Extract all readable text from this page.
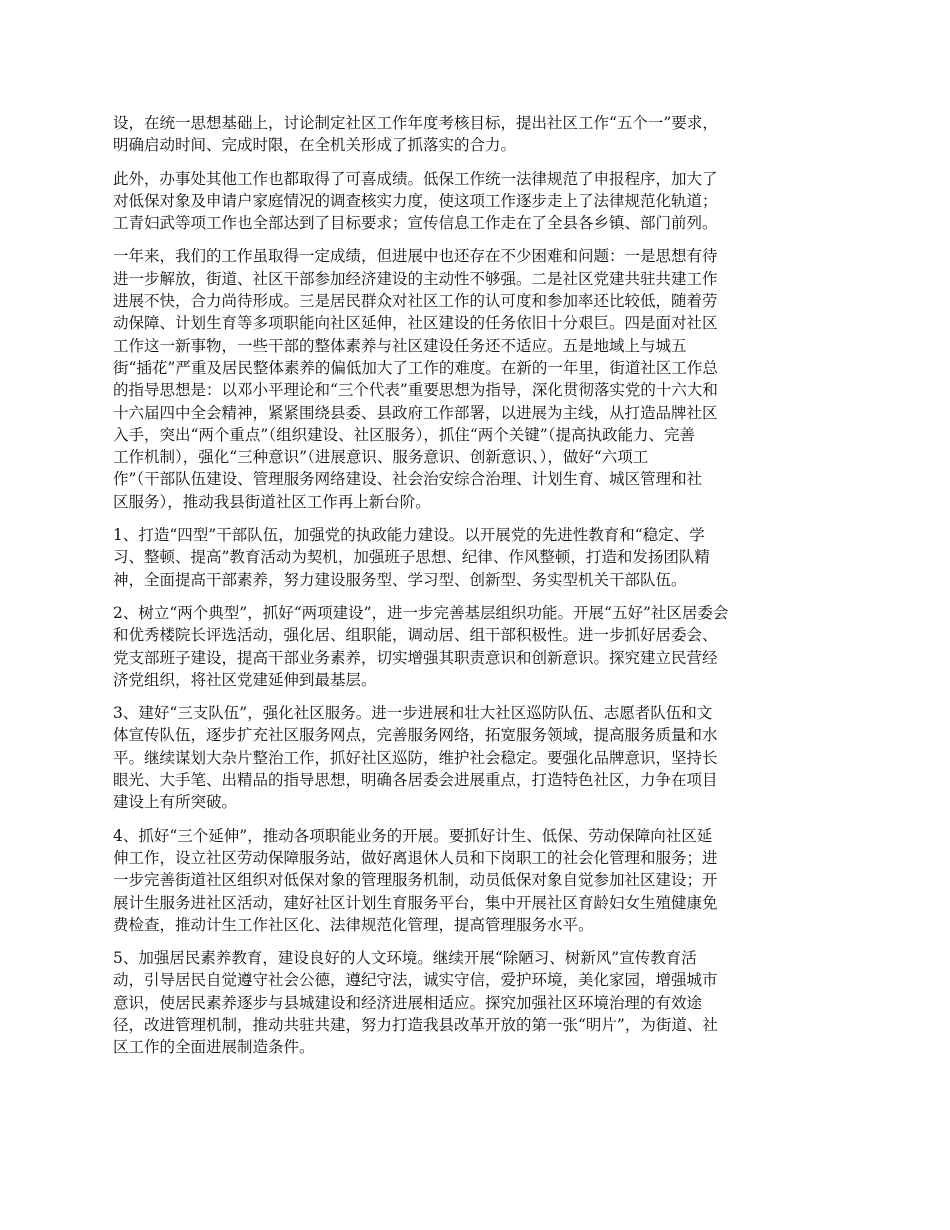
设，在统一思想基础上，讨论制定社区工作年度考核目标，提出社区工作“五个一”要求，
明确启动时间、完成时限，在全机关形成了抓落实的合力。

此外，办事处其他工作也都取得了可喜成绩。低保工作统一法律规范了申报程序，加大了
对低保对象及申请户家庭情况的调查核实力度，使这项工作逐步走上了法律规范化轨道；
工青妇武等项工作也全部达到了目标要求；宣传信息工作走在了全县各乡镇、部门前列。

一年来，我们的工作虽取得一定成绩，但进展中也还存在不少困难和问题：一是思想有待
进一步解放，街道、社区干部参加经济建设的主动性不够强。二是社区党建共驻共建工作
进展不快，合力尚待形成。三是居民群众对社区工作的认可度和参加率还比较低，随着劳
动保障、计划生育等多项职能向社区延伸，社区建设的任务依旧十分艰巨。四是面对社区
工作这一新事物，一些干部的整体素养与社区建设任务还不适应。五是地域上与城五
街“插花”严重及居民整体素养的偏低加大了工作的难度。在新的一年里，街道社区工作总
的指导思想是：以邓小平理论和“三个代表”重要思想为指导，深化贯彻落实党的十六大和
十六届四中全会精神，紧紧围绕县委、县政府工作部署，以进展为主线，从打造品牌社区
入手，突出“两个重点”（组织建设、社区服务），抓住“两个关键”（提高执政能力、完善
工作机制），强化“三种意识”（进展意识、服务意识、创新意识、），做好“六项工
作”（干部队伍建设、管理服务网络建设、社会治安综合治理、计划生育、城区管理和社
区服务），推动我县街道社区工作再上新台阶。

1、打造“四型”干部队伍，加强党的执政能力建设。以开展党的先进性教育和“稳定、学
习、整顿、提高”教育活动为契机，加强班子思想、纪律、作风整顿，打造和发扬团队精
神，全面提高干部素养，努力建设服务型、学习型、创新型、务实型机关干部队伍。

2、树立“两个典型”，抓好“两项建设”，进一步完善基层组织功能。开展“五好”社区居委会
和优秀楼院长评选活动，强化居、组职能，调动居、组干部积极性。进一步抓好居委会、
党支部班子建设，提高干部业务素养，切实增强其职责意识和创新意识。探究建立民营经
济党组织，将社区党建延伸到最基层。

3、建好“三支队伍”，强化社区服务。进一步进展和壮大社区巡防队伍、志愿者队伍和文
体宣传队伍，逐步扩充社区服务网点，完善服务网络，拓宽服务领域，提高服务质量和水
平。继续谋划大杂片整治工作，抓好社区巡防，维护社会稳定。要强化品牌意识，坚持长
眼光、大手笔、出精品的指导思想，明确各居委会进展重点，打造特色社区，力争在项目
建设上有所突破。

4、抓好“三个延伸”，推动各项职能业务的开展。要抓好计生、低保、劳动保障向社区延
伸工作，设立社区劳动保障服务站，做好离退休人员和下岗职工的社会化管理和服务；进
一步完善街道社区组织对低保对象的管理服务机制，动员低保对象自觉参加社区建设；开
展计生服务进社区活动，建好社区计划生育服务平台，集中开展社区育龄妇女生殖健康免
费检查，推动计生工作社区化、法律规范化管理，提高管理服务水平。

5、加强居民素养教育，建设良好的人文环境。继续开展“除陋习、树新风”宣传教育活
动，引导居民自觉遵守社会公德，遵纪守法，诚实守信，爱护环境，美化家园，增强城市
意识，使居民素养逐步与县城建设和经济进展相适应。探究加强社区环境治理的有效途
径，改进管理机制，推动共驻共建，努力打造我县改革开放的第一张“明片”，为街道、社
区工作的全面进展制造条件。
